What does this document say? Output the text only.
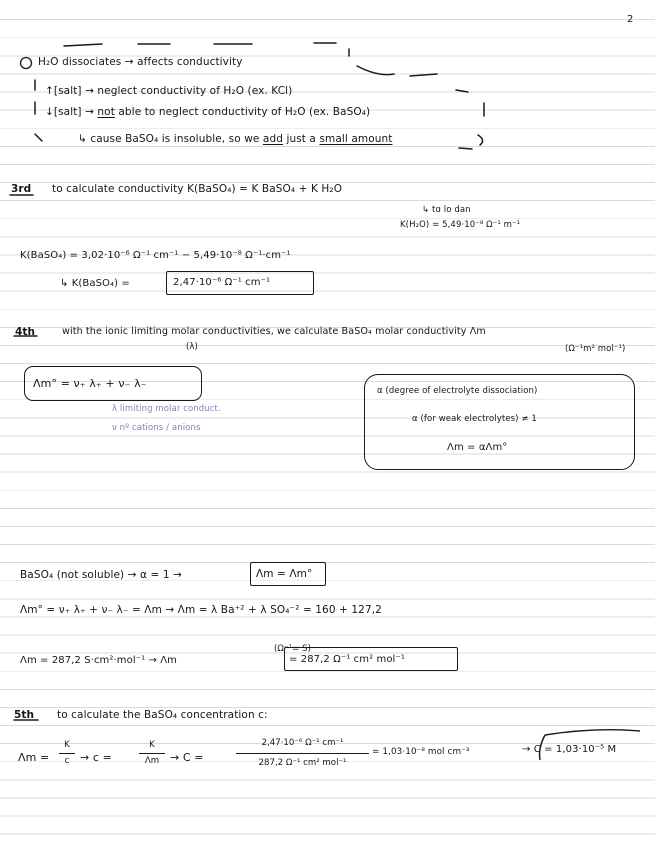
2
H₂O dissociates → affects conductivity
↑[salt] → neglect conductivity of H₂O (ex. KCl)
↓[salt] → not able to neglect conductivity of H₂O (ex. BaSO₄)
↳ cause BaSO₄ is insoluble, so we add just a small amount
3rd to calculate conductivity K(BaSO₄) = K BaSO₄ + K H₂O
↳ tɑ lo dan
K(H₂O) = 5,49·10⁻⁸ Ω⁻¹ m⁻¹
K(BaSO₄) = 3,02·10⁻⁶ Ω⁻¹ cm⁻¹ − 5,49·10⁻⁸ Ω⁻¹·cm⁻¹
↳ K(BaSO₄) =	2,47·10⁻⁶ Ω⁻¹ cm⁻¹
4th	with the ionic limiting molar conductivities, we calculate BaSO₄ molar conductivity Λm
(λ)	(Ω⁻¹m² mol⁻¹)
Λm° = ν₊ λ₊ + ν₋ λ₋
λ limiting molar conduct.
ν nº cations / anions
α (degree of electrolyte dissociation)
α (for weak electrolytes) ≠ 1
Λm = αΛm°
BaSO₄ (not soluble) → α = 1 →	Λm = Λm°
Λm° = ν₊ λ₊ + ν₋ λ₋ = Λm → Λm = λ Ba⁺² + λ SO₄⁻² = 160 + 127,2
(Ω⁻¹= S)
Λm = 287,2 S·cm²·mol⁻¹ → Λm	= 287,2 Ω⁻¹ cm² mol⁻¹
5th to calculate the BaSO₄ concentration c:
Λm =
K
c → c =
K
Λm → C =
2,47·10⁻⁶ Ω⁻¹ cm⁻¹
287,2 Ω⁻¹ cm² mol⁻¹
= 1,03·10⁻⁸ mol cm⁻³	→ C = 1,03·10⁻⁵ M
